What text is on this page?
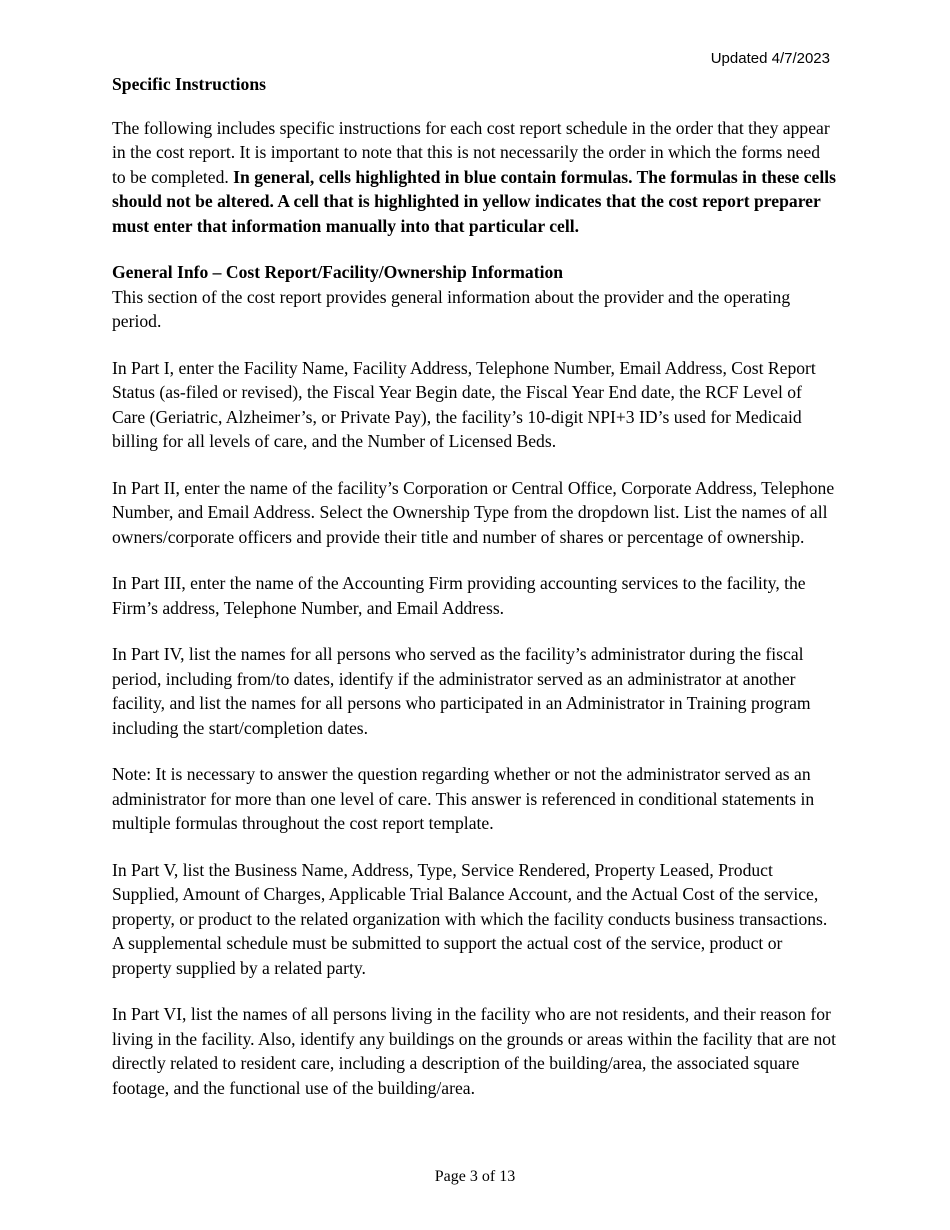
Updated 4/7/2023

Specific Instructions

The following includes specific instructions for each cost report schedule in the order that they appear in the cost report. It is important to note that this is not necessarily the order in which the forms need to be completed. In general, cells highlighted in blue contain formulas. The formulas in these cells should not be altered. A cell that is highlighted in yellow indicates that the cost report preparer must enter that information manually into that particular cell.

General Info – Cost Report/Facility/Ownership Information
This section of the cost report provides general information about the provider and the operating period.

In Part I, enter the Facility Name, Facility Address, Telephone Number, Email Address, Cost Report Status (as-filed or revised), the Fiscal Year Begin date, the Fiscal Year End date, the RCF Level of Care (Geriatric, Alzheimer’s, or Private Pay), the facility’s 10-digit NPI+3 ID’s used for Medicaid billing for all levels of care, and the Number of Licensed Beds.

In Part II, enter the name of the facility’s Corporation or Central Office, Corporate Address, Telephone Number, and Email Address. Select the Ownership Type from the dropdown list. List the names of all owners/corporate officers and provide their title and number of shares or percentage of ownership.

In Part III, enter the name of the Accounting Firm providing accounting services to the facility, the Firm’s address, Telephone Number, and Email Address.

In Part IV, list the names for all persons who served as the facility’s administrator during the fiscal period, including from/to dates, identify if the administrator served as an administrator at another facility, and list the names for all persons who participated in an Administrator in Training program including the start/completion dates.

Note: It is necessary to answer the question regarding whether or not the administrator served as an administrator for more than one level of care. This answer is referenced in conditional statements in multiple formulas throughout the cost report template.

In Part V, list the Business Name, Address, Type, Service Rendered, Property Leased, Product Supplied, Amount of Charges, Applicable Trial Balance Account, and the Actual Cost of the service, property, or product to the related organization with which the facility conducts business transactions. A supplemental schedule must be submitted to support the actual cost of the service, product or property supplied by a related party.

In Part VI, list the names of all persons living in the facility who are not residents, and their reason for living in the facility. Also, identify any buildings on the grounds or areas within the facility that are not directly related to resident care, including a description of the building/area, the associated square footage, and the functional use of the building/area.

Page 3 of 13
